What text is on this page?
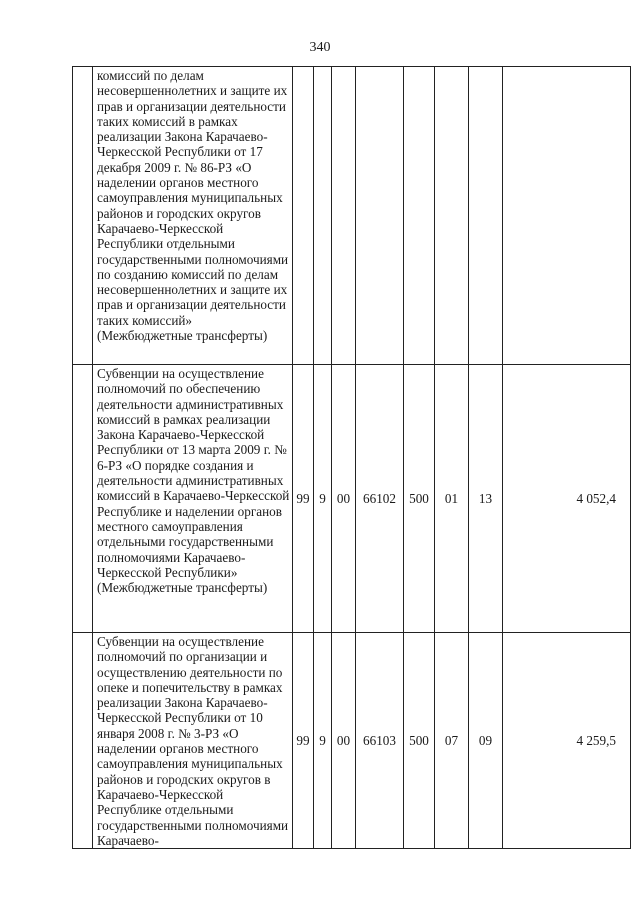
340
	комиссий по делам несовершеннолетних и защите их прав и организации деятельности таких комиссий в рамках реализации Закона Карачаево-Черкесской Республики от 17 декабря 2009 г. № 86-РЗ «О наделении органов местного самоуправления муниципальных районов и городских округов Карачаево-Черкесской Республики отдельными государственными полномочиями по созданию комиссий по делам несовершеннолетних и защите их прав и организации деятельности таких комиссий» (Межбюджетные трансферты)								
	Субвенции на осуществление полномочий по обеспечению деятельности административных комиссий в рамках реализации Закона Карачаево-Черкесской Республики от 13 марта 2009 г. № 6-РЗ «О порядке создания и деятельности административных комиссий в Карачаево-Черкесской Республике и наделении органов местного самоуправления отдельными государственными полномочиями Карачаево-Черкесской Республики» (Межбюджетные трансферты)	99	9	00	66102	500	01	13	4 052,4
	Субвенции на осуществление полномочий по организации и осуществлению деятельности по опеке и попечительству в рамках реализации Закона Карачаево-Черкесской Республики от 10 января 2008 г. № 3-РЗ «О наделении органов местного самоуправления муниципальных районов и городских округов в Карачаево-Черкесской Республике отдельными государственными полномочиями Карачаево-	99	9	00	66103	500	07	09	4 259,5
